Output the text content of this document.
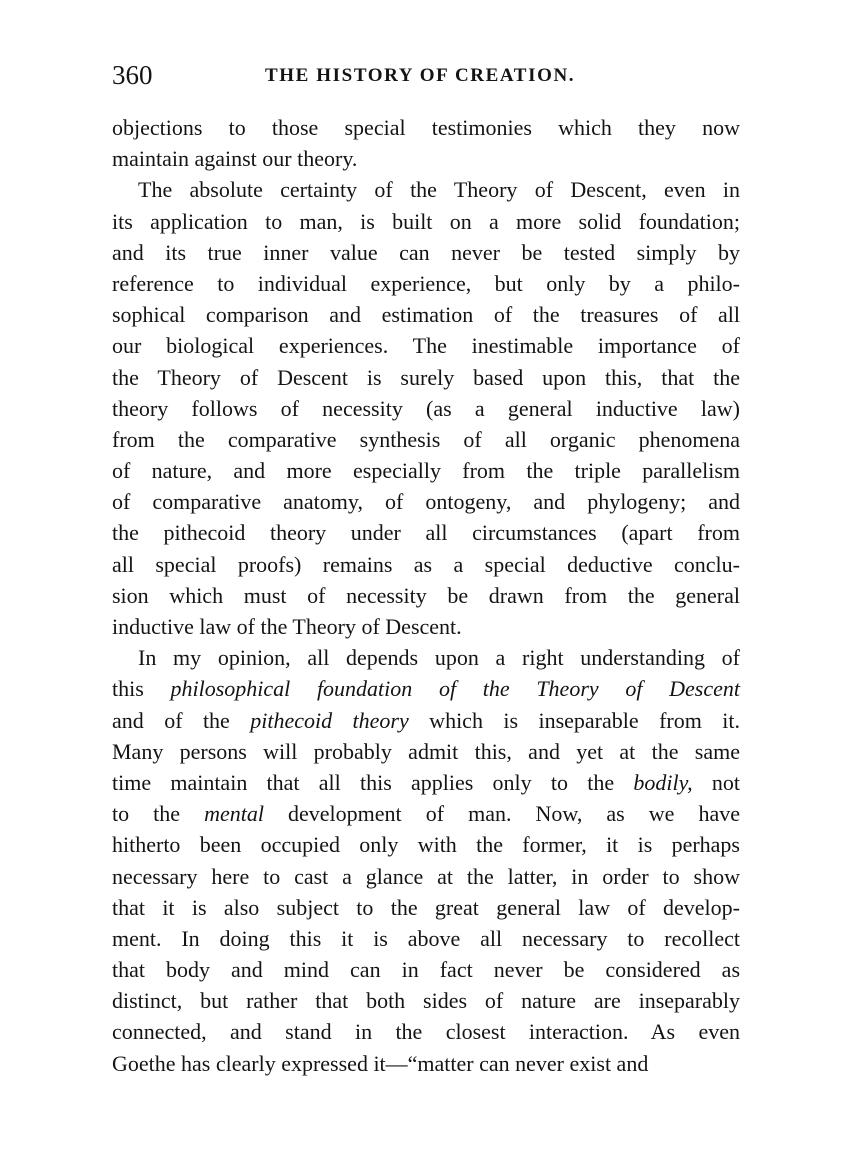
360	THE HISTORY OF CREATION.
objections to those special testimonies which they now
maintain against our theory.
The absolute certainty of the Theory of Descent, even in
its application to man, is built on a more solid foundation;
and its true inner value can never be tested simply by
reference to individual experience, but only by a philo-
sophical comparison and estimation of the treasures of all
our biological experiences. The inestimable importance of
the Theory of Descent is surely based upon this, that the
theory follows of necessity (as a general inductive law)
from the comparative synthesis of all organic phenomena
of nature, and more especially from the triple parallelism
of comparative anatomy, of ontogeny, and phylogeny; and
the pithecoid theory under all circumstances (apart from
all special proofs) remains as a special deductive conclu-
sion which must of necessity be drawn from the general
inductive law of the Theory of Descent.
In my opinion, all depends upon a right understanding of
this philosophical foundation of the Theory of Descent
and of the pithecoid theory which is inseparable from it.
Many persons will probably admit this, and yet at the same
time maintain that all this applies only to the bodily, not
to the mental development of man. Now, as we have
hitherto been occupied only with the former, it is perhaps
necessary here to cast a glance at the latter, in order to show
that it is also subject to the great general law of develop-
ment. In doing this it is above all necessary to recollect
that body and mind can in fact never be considered as
distinct, but rather that both sides of nature are inseparably
connected, and stand in the closest interaction. As even
Goethe has clearly expressed it—“matter can never exist and
